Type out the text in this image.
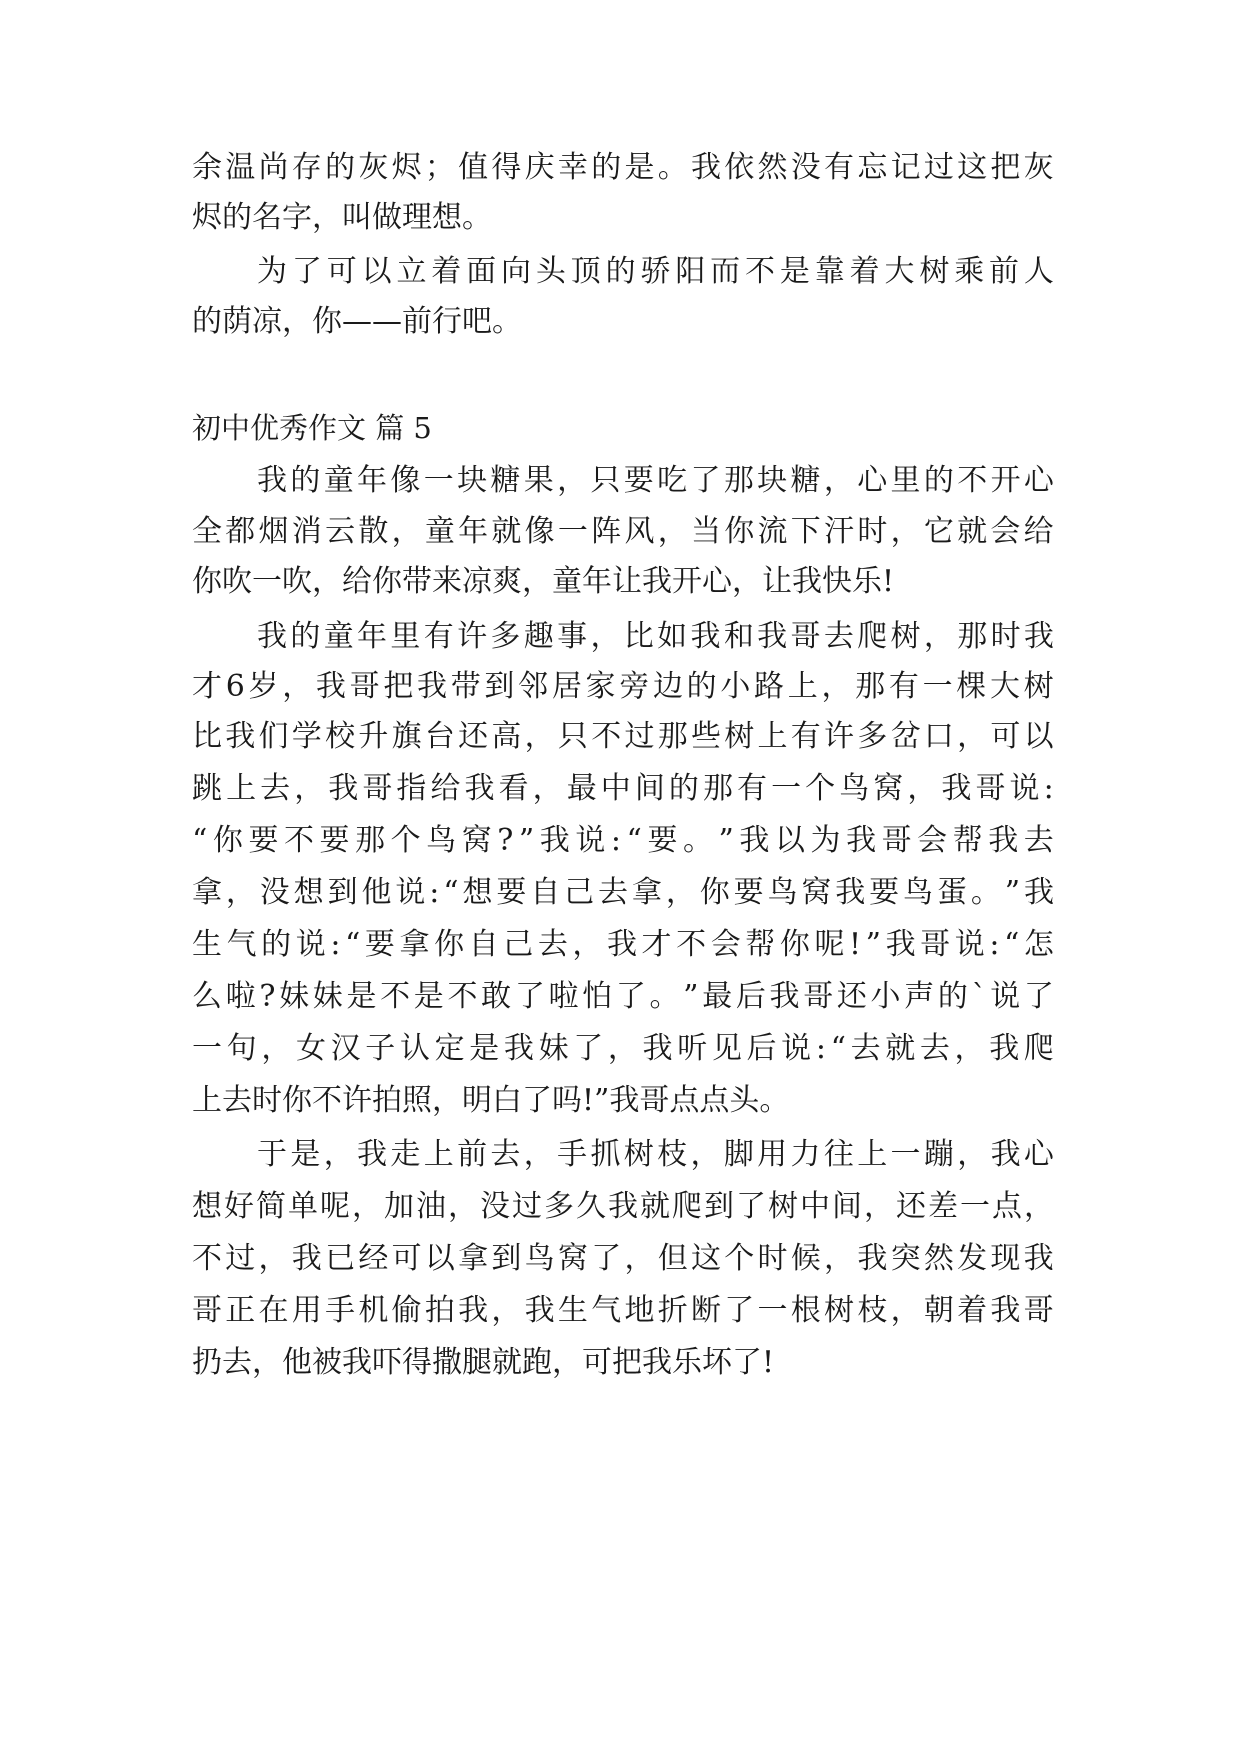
余 温 尚 存 的 灰 烬 ； 值 得 庆 幸 的 是 。 我 依 然 没 有 忘 记 过 这 把 灰
烬的名字，叫做理想。
为 了 可 以 立 着 面 向 头 顶 的 骄 阳 而 不 是 靠 着 大 树 乘 前 人
的荫凉，你——前行吧。
初中优秀作文 篇 5
我 的 童 年 像 一 块 糖 果 ， 只 要 吃 了 那 块 糖 ， 心 里 的 不 开 心
全 都 烟 消 云 散 ， 童 年 就 像 一 阵 风 ， 当 你 流 下 汗 时 ， 它 就 会 给
你吹一吹，给你带来凉爽，童年让我开心，让我快乐!
我 的 童 年 里 有 许 多 趣 事 ， 比 如 我 和 我 哥 去 爬 树 ， 那 时 我
才 6 岁 ， 我 哥 把 我 带 到 邻 居 家 旁 边 的 小 路 上 ， 那 有 一 棵 大 树
比 我 们 学 校 升 旗 台 还 高 ， 只 不 过 那 些 树 上 有 许 多 岔 口 ， 可 以
跳 上 去 ， 我 哥 指 给 我 看 ， 最 中 间 的 那 有 一 个 鸟 窝 ， 我 哥 说 :
“ 你 要 不 要 那 个 鸟 窝 ? ” 我 说 : “ 要 。 ” 我 以 为 我 哥 会 帮 我 去
拿 ， 没 想 到 他 说 : “ 想 要 自 己 去 拿 ， 你 要 鸟 窝 我 要 鸟 蛋 。 ” 我
生 气 的 说 : “ 要 拿 你 自 己 去 ， 我 才 不 会 帮 你 呢 ! ” 我 哥 说 : “ 怎
么 啦 ? 妹 妹 是 不 是 不 敢 了 啦 怕 了 。 ” 最 后 我 哥 还 小 声 的 ` 说 了
一 句 ， 女 汉 子 认 定 是 我 妹 了 ， 我 听 见 后 说 : “ 去 就 去 ， 我 爬
上去时你不许拍照，明白了吗!”我哥点点头。
于 是 ， 我 走 上 前 去 ， 手 抓 树 枝 ， 脚 用 力 往 上 一 蹦 ， 我 心
想 好 简 单 呢 ， 加 油 ， 没 过 多 久 我 就 爬 到 了 树 中 间 ， 还 差 一 点 ，
不 过 ， 我 已 经 可 以 拿 到 鸟 窝 了 ， 但 这 个 时 候 ， 我 突 然 发 现 我
哥 正 在 用 手 机 偷 拍 我 ， 我 生 气 地 折 断 了 一 根 树 枝 ， 朝 着 我 哥
扔去，他被我吓得撒腿就跑，可把我乐坏了!
